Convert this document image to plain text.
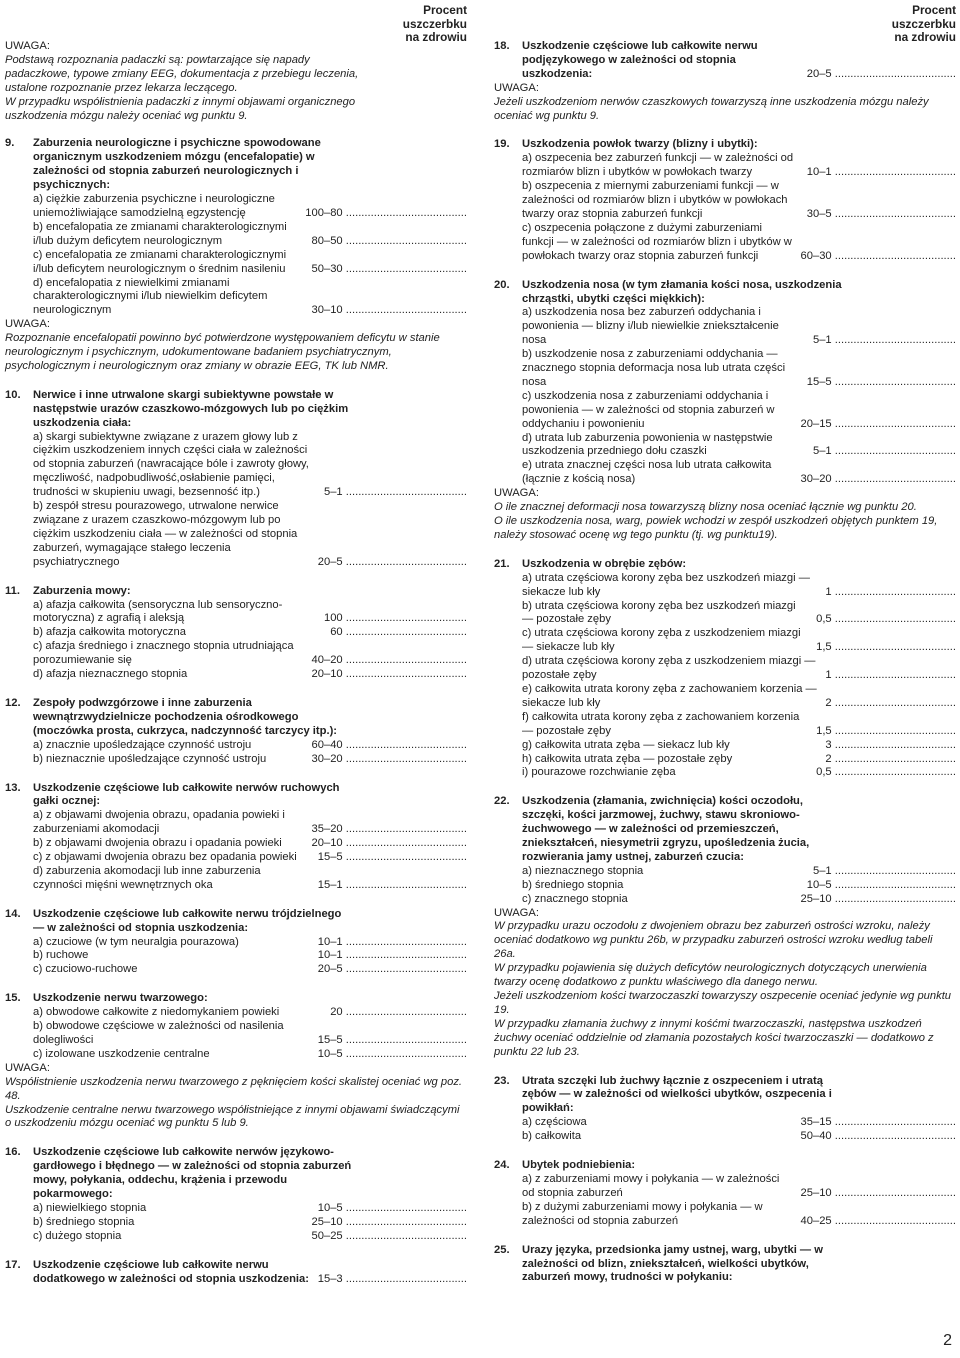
Procent
uszczerbku
na zdrowiu
UWAGA:
Podstawą rozpoznania padaczki są: powtarzające się napady padaczkowe, typowe zmiany EEG, dokumentacja z przebiegu leczenia, ustalone rozpoznanie przez lekarza leczącego.
W przypadku współistnienia padaczki z innymi objawami organicznego uszkodzenia mózgu należy oceniać wg punktu 9.
9.	Zaburzenia neurologiczne i psychiczne spowodowane organicznym uszkodzeniem mózgu (encefalopatie) w zależności od stopnia zaburzeń neurologicznych i psychicznych:
a) ciężkie zaburzenia psychiczne i neurologiczne uniemożliwiające samodzielną egzystencję	....................................... 80–100
b) encefalopatia ze zmianami charakterologicznymi i/lub dużym deficytem neurologicznym	....................................... 50–80
c) encefalopatia ze zmianami charakterologicznymi i/lub deficytem neurologicznym o średnim nasileniu	....................................... 30–50
d) encefalopatia z niewielkimi zmianami charakterologicznymi i/lub niewielkim deficytem neurologicznym	....................................... 10–30
UWAGA:
Rozpoznanie encefalopatii powinno być potwierdzone występowaniem deficytu w stanie neurologicznym i psychicznym, udokumentowane badaniem psychiatrycznym, psychologicznym i neurologicznym oraz zmiany w obrazie EEG, TK lub NMR.
10.	Nerwice i inne utrwalone skargi subiektywne powstałe w następstwie urazów czaszkowo-mózgowych lub po ciężkim uszkodzenia ciała:
a) skargi subiektywne związane z urazem głowy lub z ciężkim uszkodzeniem innych części ciała w zależności od stopnia zaburzeń (nawracające bóle i zawroty głowy, męczliwość, nadpobudliwość,osłabienie pamięci, trudności w skupieniu uwagi, bezsenność itp.)	....................................... 1–5
b) zespół stresu pourazowego, utrwalone nerwice związane z urazem czaszkowo-mózgowym lub po ciężkim uszkodzeniu ciała — w zależności od stopnia zaburzeń, wymagające stałego leczenia psychiatrycznego	....................................... 5–20
11.	Zaburzenia mowy:
a) afazja całkowita (sensoryczna lub sensoryczno-motoryczna) z agrafią i aleksją	....................................... 100
b) afazja całkowita motoryczna	....................................... 60
c) afazja średniego i znacznego stopnia utrudniająca porozumiewanie się	....................................... 20–40
d) afazja nieznacznego stopnia	....................................... 10–20
12.	Zespoły podwzgórzowe i inne zaburzenia wewnątrzwydzielnicze pochodzenia ośrodkowego (moczówka prosta, cukrzyca, nadczynność tarczycy itp.):
a) znacznie upośledzające czynność ustroju	....................................... 40–60
b) nieznacznie upośledzające czynność ustroju	....................................... 20–30
13.	Uszkodzenie częściowe lub całkowite nerwów ruchowych gałki ocznej:
a) z objawami dwojenia obrazu, opadania powieki i zaburzeniami akomodacji	....................................... 20–35
b) z objawami dwojenia obrazu i opadania powieki	....................................... 10–20
c) z objawami dwojenia obrazu bez opadania powieki	....................................... 5–15
d) zaburzenia akomodacji lub inne zaburzenia czynności mięśni wewnętrznych oka	....................................... 1–15
14.	Uszkodzenie częściowe lub całkowite nerwu trójdzielnego — w zależności od stopnia uszkodzenia:
a) czuciowe (w tym neuralgia pourazowa)	....................................... 1–10
b) ruchowe	....................................... 1–10
c) czuciowo-ruchowe	....................................... 5–20
15.	Uszkodzenie nerwu twarzowego:
a) obwodowe całkowite z niedomykaniem powieki	....................................... 20
b) obwodowe częściowe w zależności od nasilenia dolegliwości	....................................... 5–15
c) izolowane uszkodzenie centralne	....................................... 5–10
UWAGA:
Współistnienie uszkodzenia nerwu twarzowego z pęknięciem kości skalistej oceniać wg poz. 48.
Uszkodzenie centralne nerwu twarzowego współistniejące z innymi objawami świadczącymi o uszkodzeniu mózgu oceniać wg punktu 5 lub 9.
16.	Uszkodzenie częściowe lub całkowite nerwów językowo-gardłowego i błędnego — w zależności od stopnia zaburzeń mowy, połykania, oddechu, krążenia i przewodu pokarmowego:
a) niewielkiego stopnia	....................................... 5–10
b) średniego stopnia	....................................... 10–25
c) dużego stopnia	....................................... 25–50
17.	Uszkodzenie częściowe lub całkowite nerwu dodatkowego w zależności od stopnia uszkodzenia: ....................................... 3–15
Procent
uszczerbku
na zdrowiu
18.	Uszkodzenie częściowe lub całkowite nerwu podjęzykowego w zależności od stopnia uszkodzenia:	....................................... 5–20
UWAGA:
Jeżeli uszkodzeniom nerwów czaszkowych towarzyszą inne uszkodzenia mózgu należy oceniać wg punktu 9.
19.	Uszkodzenia powłok twarzy (blizny i ubytki):
a) oszpecenia bez zaburzeń funkcji — w zależności od rozmiarów blizn i ubytków w powłokach twarzy	....................................... 1–10
b) oszpecenia z miernymi zaburzeniami funkcji — w zależności od rozmiarów blizn i ubytków w powłokach twarzy oraz stopnia zaburzeń funkcji	....................................... 5–30
c) oszpecenia połączone z dużymi zaburzeniami funkcji — w zależności od rozmiarów blizn i ubytków w powłokach twarzy oraz stopnia zaburzeń funkcji	....................................... 30–60
20.	Uszkodzenia nosa (w tym złamania kości nosa, uszkodzenia chrząstki, ubytki części miękkich):
a) uszkodzenia nosa bez zaburzeń oddychania i powonienia — blizny i/lub niewielkie zniekształcenie nosa	....................................... 1–5
b) uszkodzenie nosa z zaburzeniami oddychania — znacznego stopnia deformacja nosa lub utrata części nosa	....................................... 5–15
c) uszkodzenia nosa z zaburzeniami oddychania i powonienia — w zależności od stopnia zaburzeń w oddychaniu i powonieniu	....................................... 15–20
d) utrata lub zaburzenia powonienia w następstwie uszkodzenia przedniego dołu czaszki	....................................... 1–5
e) utrata znacznej części nosa lub utrata całkowita (łącznie z kością nosa)	....................................... 20–30
UWAGA:
O ile znacznej deformacji nosa towarzyszą blizny nosa oceniać łącznie wg punktu 20.
O ile uszkodzenia nosa, warg, powiek wchodzi w zespół uszkodzeń objętych punktem 19, należy stosować ocenę wg tego punktu (tj. wg punktu19).
21.	Uszkodzenia w obrębie zębów:
a) utrata częściowa korony zęba bez uszkodzeń miazgi — siekacze lub kły	....................................... 1
b) utrata częściowa korony zęba bez uszkodzeń miazgi — pozostałe zęby	....................................... 0,5
c) utrata częściowa korony zęba z uszkodzeniem miazgi — siekacze lub kły	....................................... 1,5
d) utrata częściowa korony zęba z uszkodzeniem miazgi — pozostałe zęby	....................................... 1
e) całkowita utrata korony zęba z zachowaniem korzenia — siekacze lub kły	....................................... 2
f) całkowita utrata korony zęba z zachowaniem korzenia — pozostałe zęby	....................................... 1,5
g) całkowita utrata zęba — siekacz lub kły	....................................... 3
h) całkowita utrata zęba — pozostałe zęby	....................................... 2
i) pourazowe rozchwianie zęba	....................................... 0,5
22.	Uszkodzenia (złamania, zwichnięcia) kości oczodołu, szczęki, kości jarzmowej, żuchwy, stawu skroniowo-żuchwowego — w zależności od przemieszczeń, zniekształceń, niesymetrii zgryzu, upośledzenia żucia, rozwierania jamy ustnej, zaburzeń czucia:
a) nieznacznego stopnia	....................................... 1–5
b) średniego stopnia	....................................... 5–10
c) znacznego stopnia	....................................... 10–25
UWAGA:
W przypadku urazu oczodołu z dwojeniem obrazu bez zaburzeń ostrości wzroku, należy oceniać dodatkowo wg punktu 26b, w przypadku zaburzeń ostrości wzroku według tabeli 26a.
W przypadku pojawienia się dużych deficytów neurologicznych dotyczących unerwienia twarzy ocenę dodatkowo z punktu właściwego dla danego nerwu.
Jeżeli uszkodzeniom kości twarzoczaszki towarzyszy oszpecenie oceniać jedynie wg punktu 19.
W przypadku złamania żuchwy z innymi kośćmi twarzoczaszki, następstwa uszkodzeń żuchwy oceniać oddzielnie od złamania pozostałych kości twarzoczaszki — dodatkowo z punktu 22 lub 23.
23.	Utrata szczęki lub żuchwy łącznie z oszpeceniem i utratą zębów — w zależności od wielkości ubytków, oszpecenia i powikłań:
a) częściowa	....................................... 15–35
b) całkowita	....................................... 40–50
24.	Ubytek podniebienia:
a) z zaburzeniami mowy i połykania — w zależności od stopnia zaburzeń	....................................... 10–25
b) z dużymi zaburzeniami mowy i połykania — w zależności od stopnia zaburzeń	....................................... 25–40
25.	Urazy języka, przedsionka jamy ustnej, warg, ubytki — w zależności od blizn, zniekształceń, wielkości ubytków, zaburzeń mowy, trudności w połykaniu:
2
